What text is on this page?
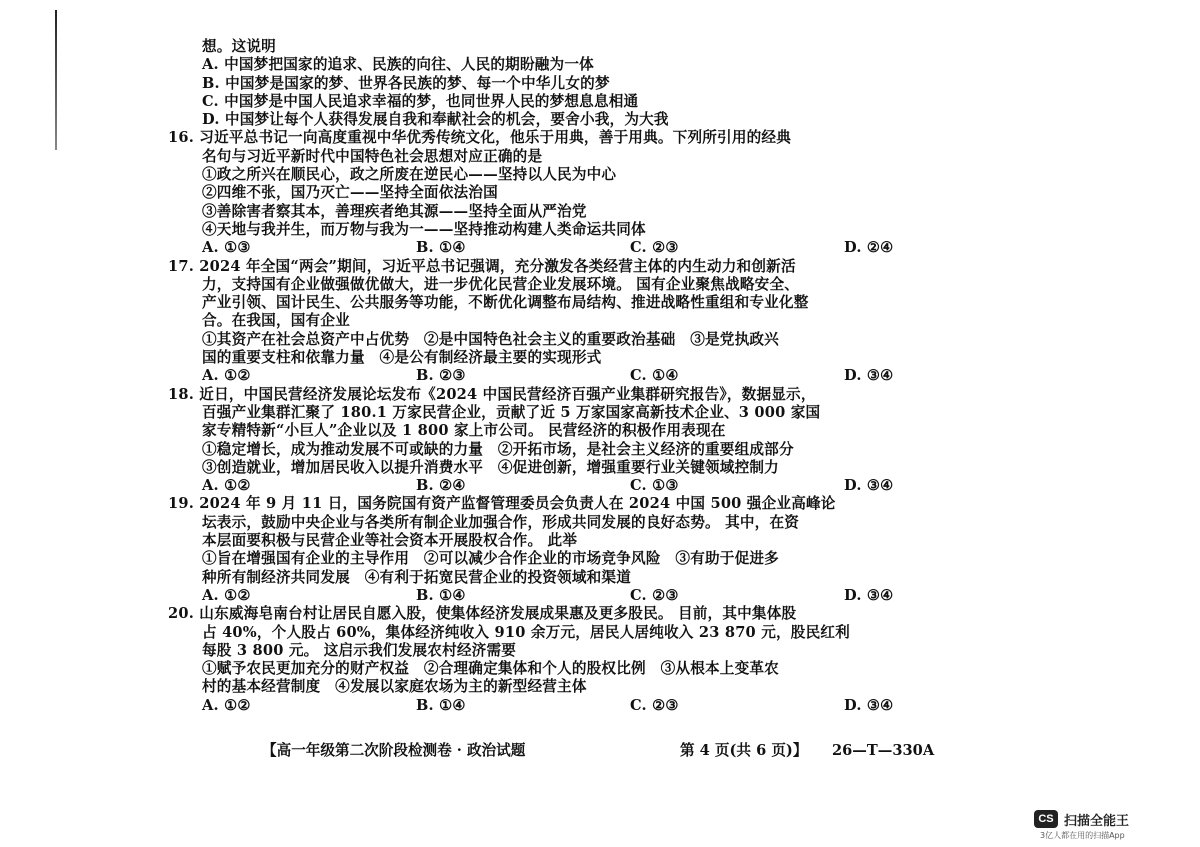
想。这说明
A. 中国梦把国家的追求、民族的向往、人民的期盼融为一体
B. 中国梦是国家的梦、世界各民族的梦、每一个中华儿女的梦
C. 中国梦是中国人民追求幸福的梦，也同世界人民的梦想息息相通
D. 中国梦让每个人获得发展自我和奉献社会的机会，要舍小我，为大我
16. 习近平总书记一向高度重视中华优秀传统文化，他乐于用典，善于用典。下列所引用的经典
名句与习近平新时代中国特色社会思想对应正确的是
①政之所兴在顺民心，政之所废在逆民心——坚持以人民为中心
②四维不张，国乃灭亡——坚持全面依法治国
③善除害者察其本，善理疾者绝其源——坚持全面从严治党
④天地与我并生，而万物与我为一——坚持推动构建人类命运共同体
A. ①③	B. ①④	C. ②③	D. ②④
17. 2024 年全国“两会”期间，习近平总书记强调，充分激发各类经营主体的内生动力和创新活
力，支持国有企业做强做优做大，进一步优化民营企业发展环境。 国有企业聚焦战略安全、
产业引领、国计民生、公共服务等功能，不断优化调整布局结构、推进战略性重组和专业化整
合。在我国，国有企业
①其资产在社会总资产中占优势　②是中国特色社会主义的重要政治基础　③是党执政兴
国的重要支柱和依靠力量　④是公有制经济最主要的实现形式
A. ①②	B. ②③	C. ①④	D. ③④
18. 近日，中国民营经济发展论坛发布《2024 中国民营经济百强产业集群研究报告》，数据显示，
百强产业集群汇聚了 180.1 万家民营企业，贡献了近 5 万家国家高新技术企业、3 000 家国
家专精特新“小巨人”企业以及 1 800 家上市公司。 民营经济的积极作用表现在
①稳定增长，成为推动发展不可或缺的力量　②开拓市场，是社会主义经济的重要组成部分
③创造就业，增加居民收入以提升消费水平　④促进创新，增强重要行业关键领域控制力
A. ①②	B. ②④	C. ①③	D. ③④
19. 2024 年 9 月 11 日，国务院国有资产监督管理委员会负责人在 2024 中国 500 强企业高峰论
坛表示，鼓励中央企业与各类所有制企业加强合作，形成共同发展的良好态势。 其中，在资
本层面要积极与民营企业等社会资本开展股权合作。 此举
①旨在增强国有企业的主导作用　②可以减少合作企业的市场竞争风险　③有助于促进多
种所有制经济共同发展　④有利于拓宽民营企业的投资领域和渠道
A. ①②	B. ①④	C. ②③	D. ③④
20. 山东威海皂南台村让居民自愿入股，使集体经济发展成果惠及更多股民。 目前，其中集体股
占 40%，个人股占 60%，集体经济纯收入 910 余万元，居民人居纯收入 23 870 元，股民红利
每股 3 800 元。 这启示我们发展农村经济需要
①赋予农民更加充分的财产权益　②合理确定集体和个人的股权比例　③从根本上变革农
村的基本经营制度　④发展以家庭农场为主的新型经营主体
A. ①②	B. ①④	C. ②③	D. ③④
【高一年级第二次阶段检测卷 · 政治试题	第 4 页(共 6 页)】 26—T—330A
CS 扫描全能王
3亿人都在用的扫描App
